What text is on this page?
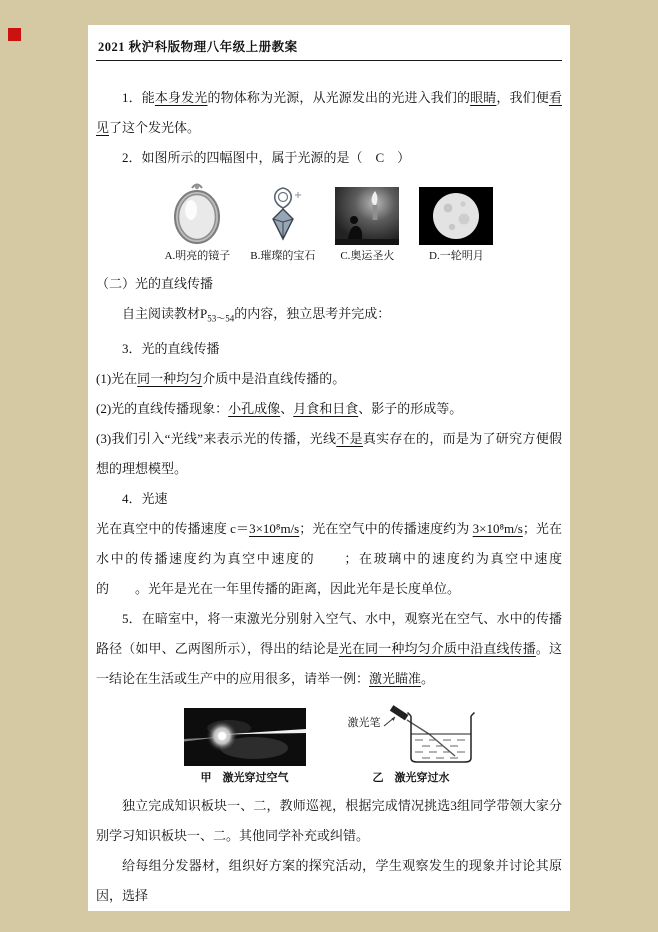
2021 秋沪科版物理八年级上册教案

1．能本身发光的物体称为光源，从光源发出的光进入我们的眼睛，我们便看见了这个发光体。

2．如图所示的四幅图中，属于光源的是（　C　）

A.明亮的镜子 B.璀璨的宝石 C.奥运圣火	D.一轮明月

（二）光的直线传播

自主阅读教材$P_{53\sim 54}$的内容，独立思考并完成：

3．光的直线传播

(1)光在同一种均匀介质中是沿直线传播的。

(2)光的直线传播现象：小孔成像、月食和日食、影子的形成等。

(3)我们引入“光线”来表示光的传播，光线不是真实存在的，而是为了研究方便假想的理想模型。

4．光速

光在真空中的传播速度 c＝3×10⁸m/s；光在空气中的传播速度约为 3×10⁸m/s；光在水中的传播速度约为真空中速度的　　；在玻璃中的速度约为真空中速度的　　。光年是光在一年里传播的距离，因此光年是长度单位。

5．在暗室中，将一束激光分别射入空气、水中，观察光在空气、水中的传播路径（如甲、乙两图所示），得出的结论是光在同一种均匀介质中沿直线传播。这一结论在生活或生产中的应用很多，请举一例：激光瞄准。

甲　激光穿过空气
激光笔
乙　激光穿过水

独立完成知识板块一、二，教师巡视，根据完成情况挑选3组同学带领大家分别学习知识板块一、二。其他同学补充或纠错。

给每组分发器材，组织好方案的探究活动，学生观察发生的现象并讨论其原因，选择
